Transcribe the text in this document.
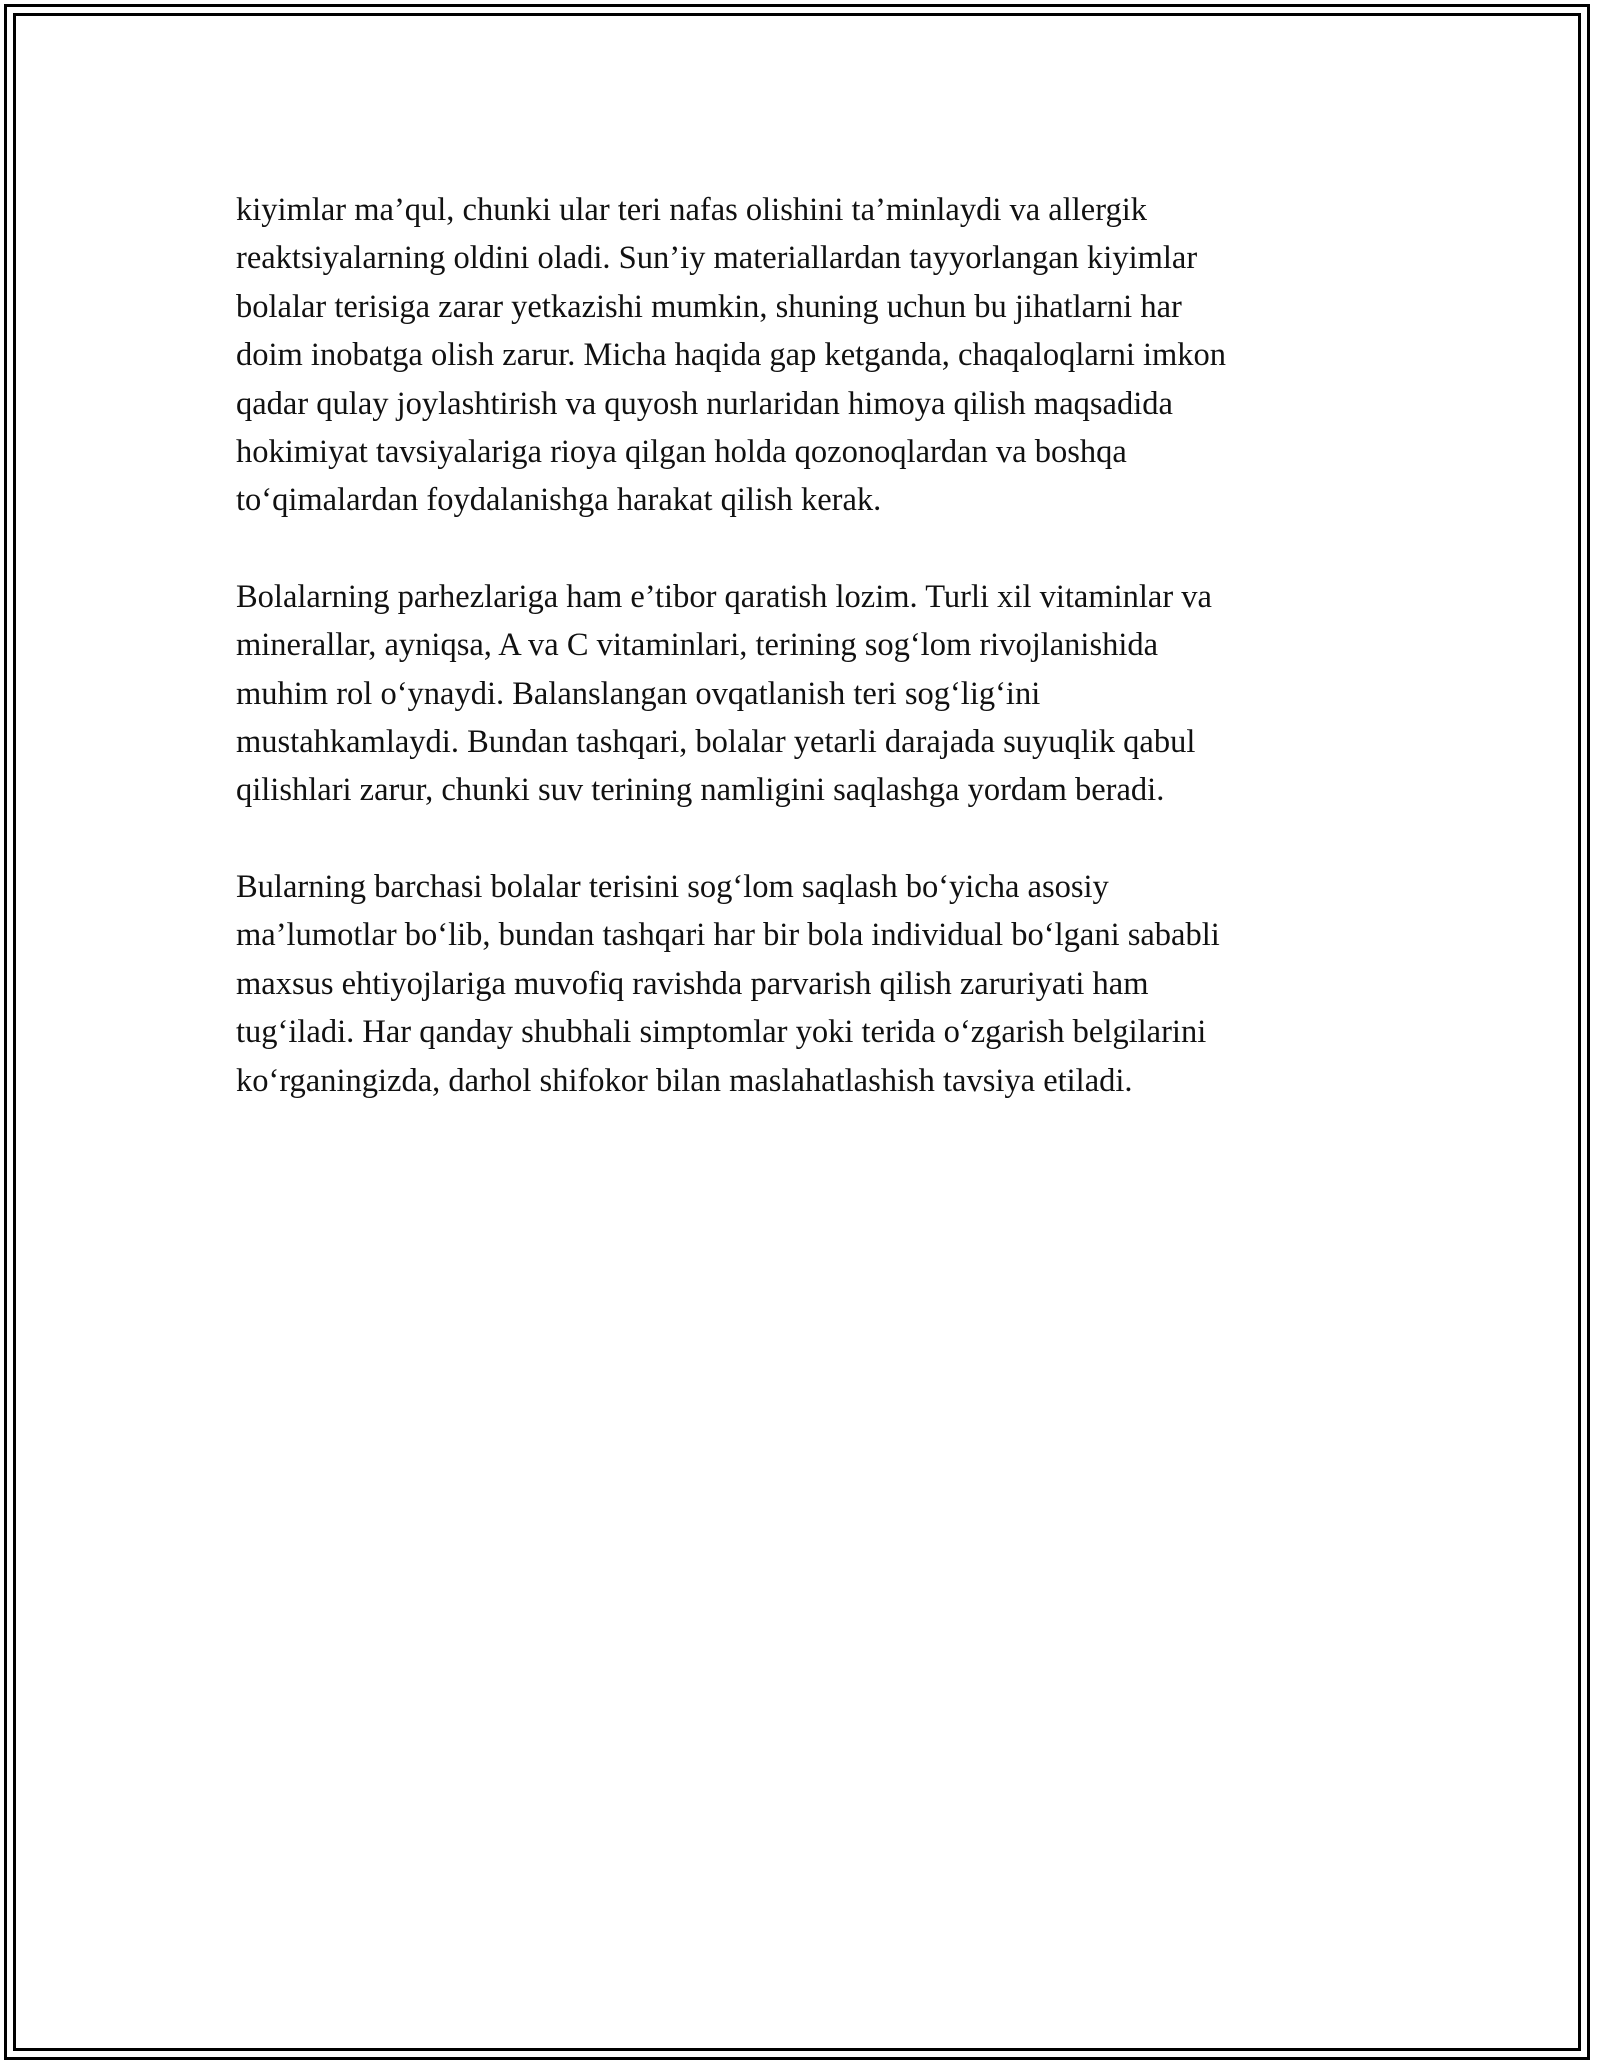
kiyimlar ma’qul, chunki ular teri nafas olishini ta’minlaydi va allergik
reaktsiyalarning oldini oladi. Sun’iy materiallardan tayyorlangan kiyimlar
bolalar terisiga zarar yetkazishi mumkin, shuning uchun bu jihatlarni har
doim inobatga olish zarur. Micha haqida gap ketganda, chaqaloqlarni imkon
qadar qulay joylashtirish va quyosh nurlaridan himoya qilish maqsadida
hokimiyat tavsiyalariga rioya qilgan holda qozonoqlardan va boshqa
to‘qimalardan foydalanishga harakat qilish kerak.

Bolalarning parhezlariga ham e’tibor qaratish lozim. Turli xil vitaminlar va
minerallar, ayniqsa, A va C vitaminlari, terining sog‘lom rivojlanishida
muhim rol o‘ynaydi. Balanslangan ovqatlanish teri sog‘lig‘ini
mustahkamlaydi. Bundan tashqari, bolalar yetarli darajada suyuqlik qabul
qilishlari zarur, chunki suv terining namligini saqlashga yordam beradi.

Bularning barchasi bolalar terisini sog‘lom saqlash bo‘yicha asosiy
ma’lumotlar bo‘lib, bundan tashqari har bir bola individual bo‘lgani sababli
maxsus ehtiyojlariga muvofiq ravishda parvarish qilish zaruriyati ham
tug‘iladi. Har qanday shubhali simptomlar yoki terida o‘zgarish belgilarini
ko‘rganingizda, darhol shifokor bilan maslahatlashish tavsiya etiladi.
